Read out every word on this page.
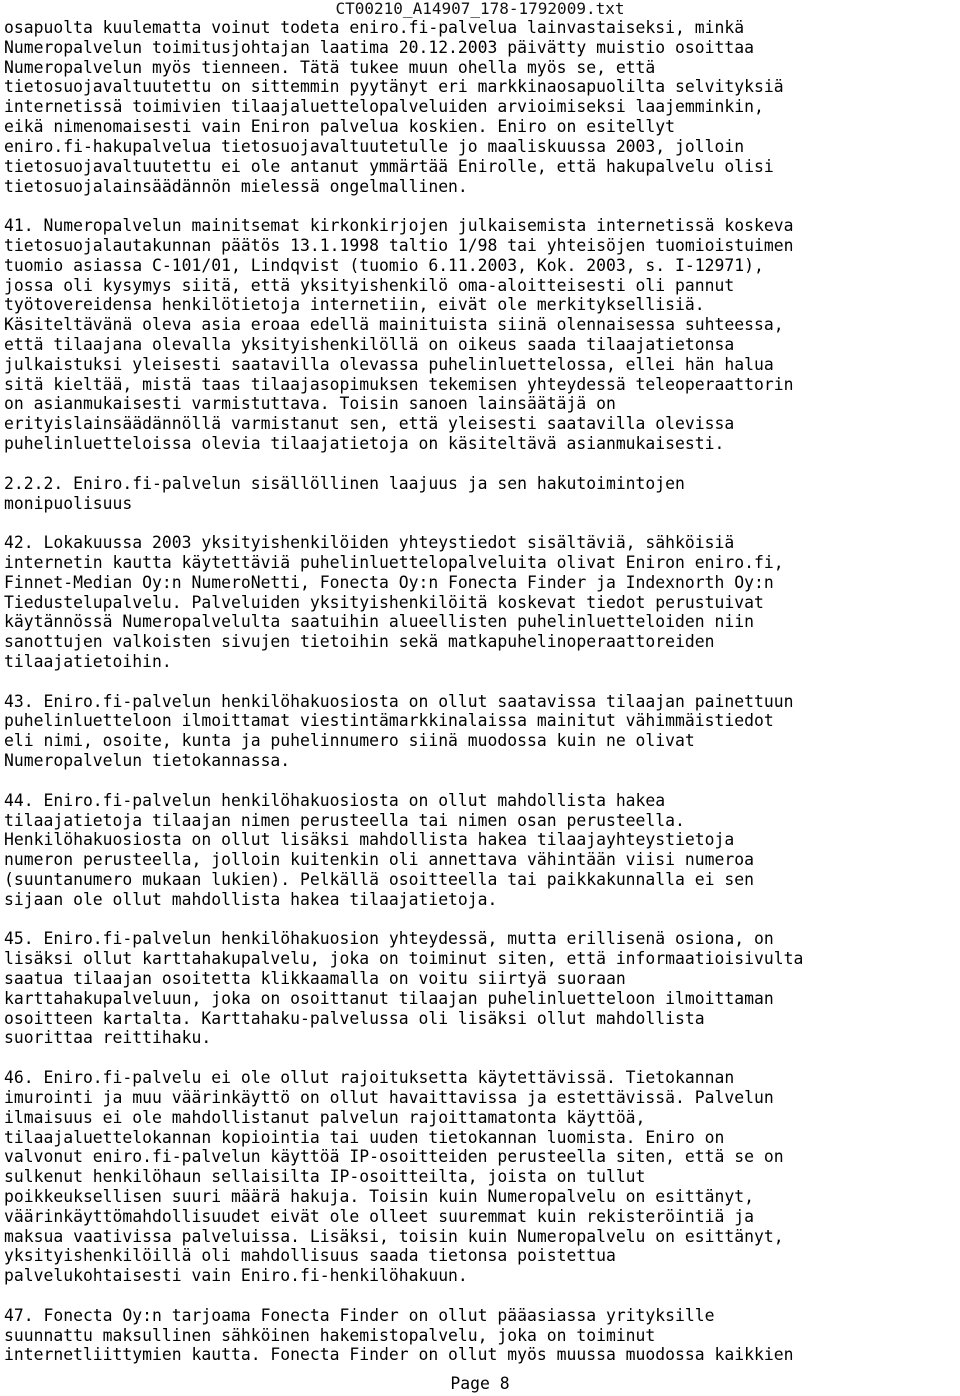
CT00210_A14907_178-1792009.txt
osapuolta kuulematta voinut todeta eniro.fi-palvelua lainvastaiseksi, minkä
Numeropalvelun toimitusjohtajan laatima 20.12.2003 päivätty muistio osoittaa
Numeropalvelun myös tienneen. Tätä tukee muun ohella myös se, että
tietosuojavaltuutettu on sittemmin pyytänyt eri markkinaosapuolilta selvityksiä
internetissä toimivien tilaajaluettelopalveluiden arvioimiseksi laajemminkin,
eikä nimenomaisesti vain Eniron palvelua koskien. Eniro on esitellyt
eniro.fi-hakupalvelua tietosuojavaltuutetulle jo maaliskuussa 2003, jolloin
tietosuojavaltuutettu ei ole antanut ymmärtää Enirolle, että hakupalvelu olisi
tietosuojalainsäädännön mielessä ongelmallinen.
41. Numeropalvelun mainitsemat kirkonkirjojen julkaisemista internetissä koskeva
tietosuojalautakunnan päätös 13.1.1998 taltio 1/98 tai yhteisöjen tuomioistuimen
tuomio asiassa C-101/01, Lindqvist (tuomio 6.11.2003, Kok. 2003, s. I-12971),
jossa oli kysymys siitä, että yksityishenkilö oma-aloitteisesti oli pannut
työtovereidensa henkilötietoja internetiin, eivät ole merkityksellisiä.
Käsiteltävänä oleva asia eroaa edellä mainituista siinä olennaisessa suhteessa,
että tilaajana olevalla yksityishenkilöllä on oikeus saada tilaajatietonsa
julkaistuksi yleisesti saatavilla olevassa puhelinluettelossa, ellei hän halua
sitä kieltää, mistä taas tilaajasopimuksen tekemisen yhteydessä teleoperaattorin
on asianmukaisesti varmistuttava. Toisin sanoen lainsäätäjä on
erityislainsäädännöllä varmistanut sen, että yleisesti saatavilla olevissa
puhelinluetteloissa olevia tilaajatietoja on käsiteltävä asianmukaisesti.
2.2.2. Eniro.fi-palvelun sisällöllinen laajuus ja sen hakutoimintojen
monipuolisuus
42. Lokakuussa 2003 yksityishenkilöiden yhteystiedot sisältäviä, sähköisiä
internetin kautta käytettäviä puhelinluettelopalveluita olivat Eniron eniro.fi,
Finnet-Median Oy:n NumeroNetti, Fonecta Oy:n Fonecta Finder ja Indexnorth Oy:n
Tiedustelupalvelu. Palveluiden yksityishenkilöitä koskevat tiedot perustuivat
käytännössä Numeropalvelulta saatuihin alueellisten puhelinluetteloiden niin
sanottujen valkoisten sivujen tietoihin sekä matkapuhelinoperaattoreiden
tilaajatietoihin.
43. Eniro.fi-palvelun henkilöhakuosiosta on ollut saatavissa tilaajan painettuun
puhelinluetteloon ilmoittamat viestintämarkkinalaissa mainitut vähimmäistiedot
eli nimi, osoite, kunta ja puhelinnumero siinä muodossa kuin ne olivat
Numeropalvelun tietokannassa.
44. Eniro.fi-palvelun henkilöhakuosiosta on ollut mahdollista hakea
tilaajatietoja tilaajan nimen perusteella tai nimen osan perusteella.
Henkilöhakuosiosta on ollut lisäksi mahdollista hakea tilaajayhteystietoja
numeron perusteella, jolloin kuitenkin oli annettava vähintään viisi numeroa
(suuntanumero mukaan lukien). Pelkällä osoitteella tai paikkakunnalla ei sen
sijaan ole ollut mahdollista hakea tilaajatietoja.
45. Eniro.fi-palvelun henkilöhakuosion yhteydessä, mutta erillisenä osiona, on
lisäksi ollut karttahakupalvelu, joka on toiminut siten, että informaatioisivulta
saatua tilaajan osoitetta klikkaamalla on voitu siirtyä suoraan
karttahakupalveluun, joka on osoittanut tilaajan puhelinluetteloon ilmoittaman
osoitteen kartalta. Karttahaku-palvelussa oli lisäksi ollut mahdollista
suorittaa reittihaku.
46. Eniro.fi-palvelu ei ole ollut rajoituksetta käytettävissä. Tietokannan
imurointi ja muu väärinkäyttö on ollut havaittavissa ja estettävissä. Palvelun
ilmaisuus ei ole mahdollistanut palvelun rajoittamatonta käyttöä,
tilaajaluettelokannan kopiointia tai uuden tietokannan luomista. Eniro on
valvonut eniro.fi-palvelun käyttöä IP-osoitteiden perusteella siten, että se on
sulkenut henkilöhaun sellaisilta IP-osoitteilta, joista on tullut
poikkeuksellisen suuri määrä hakuja. Toisin kuin Numeropalvelu on esittänyt,
väärinkäyttömahdollisuudet eivät ole olleet suuremmat kuin rekisteröintiä ja
maksua vaativissa palveluissa. Lisäksi, toisin kuin Numeropalvelu on esittänyt,
yksityishenkilöillä oli mahdollisuus saada tietonsa poistettua
palvelukohtaisesti vain Eniro.fi-henkilöhakuun.
47. Fonecta Oy:n tarjoama Fonecta Finder on ollut pääasiassa yrityksille
suunnattu maksullinen sähköinen hakemistopalvelu, joka on toiminut
internetliittymien kautta. Fonecta Finder on ollut myös muussa muodossa kaikkien
Page 8
